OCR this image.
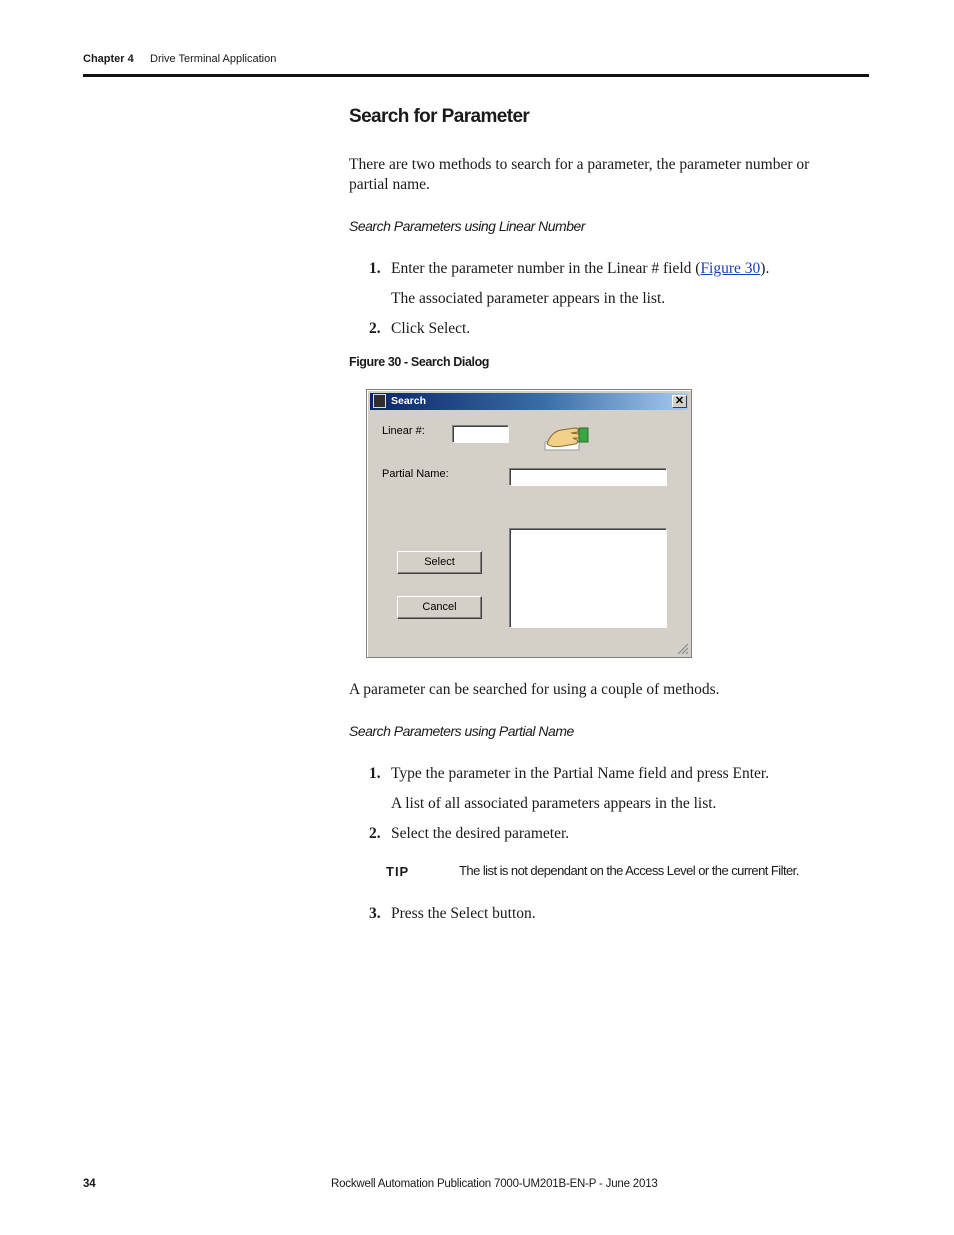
Chapter 4 Drive Terminal Application
Search for Parameter
There are two methods to search for a parameter, the parameter number or partial name.
Search Parameters using Linear Number
1. Enter the parameter number in the Linear # field (Figure 30).
The associated parameter appears in the list.
2. Click Select.
Figure 30 - Search Dialog
Search	✕
Linear #:
Partial Name:
Select
Cancel
A parameter can be searched for using a couple of methods.
Search Parameters using Partial Name
1. Type the parameter in the Partial Name field and press Enter.
A list of all associated parameters appears in the list.
2. Select the desired parameter.
TIP	The list is not dependant on the Access Level or the current Filter.
3. Press the Select button.
34	Rockwell Automation Publication 7000-UM201B-EN-P - June 2013
